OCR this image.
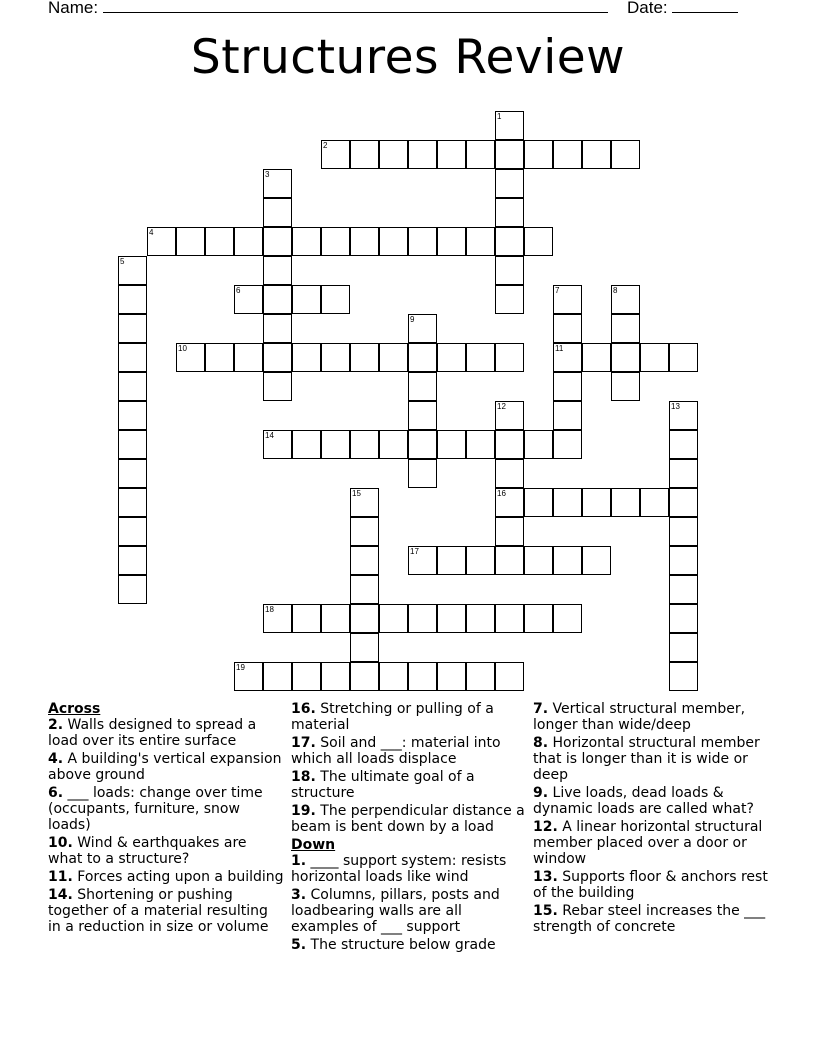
Name:	Date:
Structures Review
2
4
6
10	11
14
16
17
18
19
1
3
5
7	8
9
12	13
15
Across
2. Walls designed to spread a load over its entire surface
4. A building's vertical expansion above ground
6. ___ loads: change over time (occupants, furniture, snow loads)
10. Wind & earthquakes are what to a structure?
11. Forces acting upon a building
14. Shortening or pushing together of a material resulting in a reduction in size or volume
16. Stretching or pulling of a material
17. Soil and ___: material into which all loads displace
18. The ultimate goal of a structure
19. The perpendicular distance a beam is bent down by a load
Down
1. ____ support system: resists horizontal loads like wind
3. Columns, pillars, posts and loadbearing walls are all examples of ___ support
5. The structure below grade
7. Vertical structural member, longer than wide/deep
8. Horizontal structural member that is longer than it is wide or deep
9. Live loads, dead loads & dynamic loads are called what?
12. A linear horizontal structural member placed over a door or window
13. Supports floor & anchors rest of the building
15. Rebar steel increases the ___ strength of concrete
